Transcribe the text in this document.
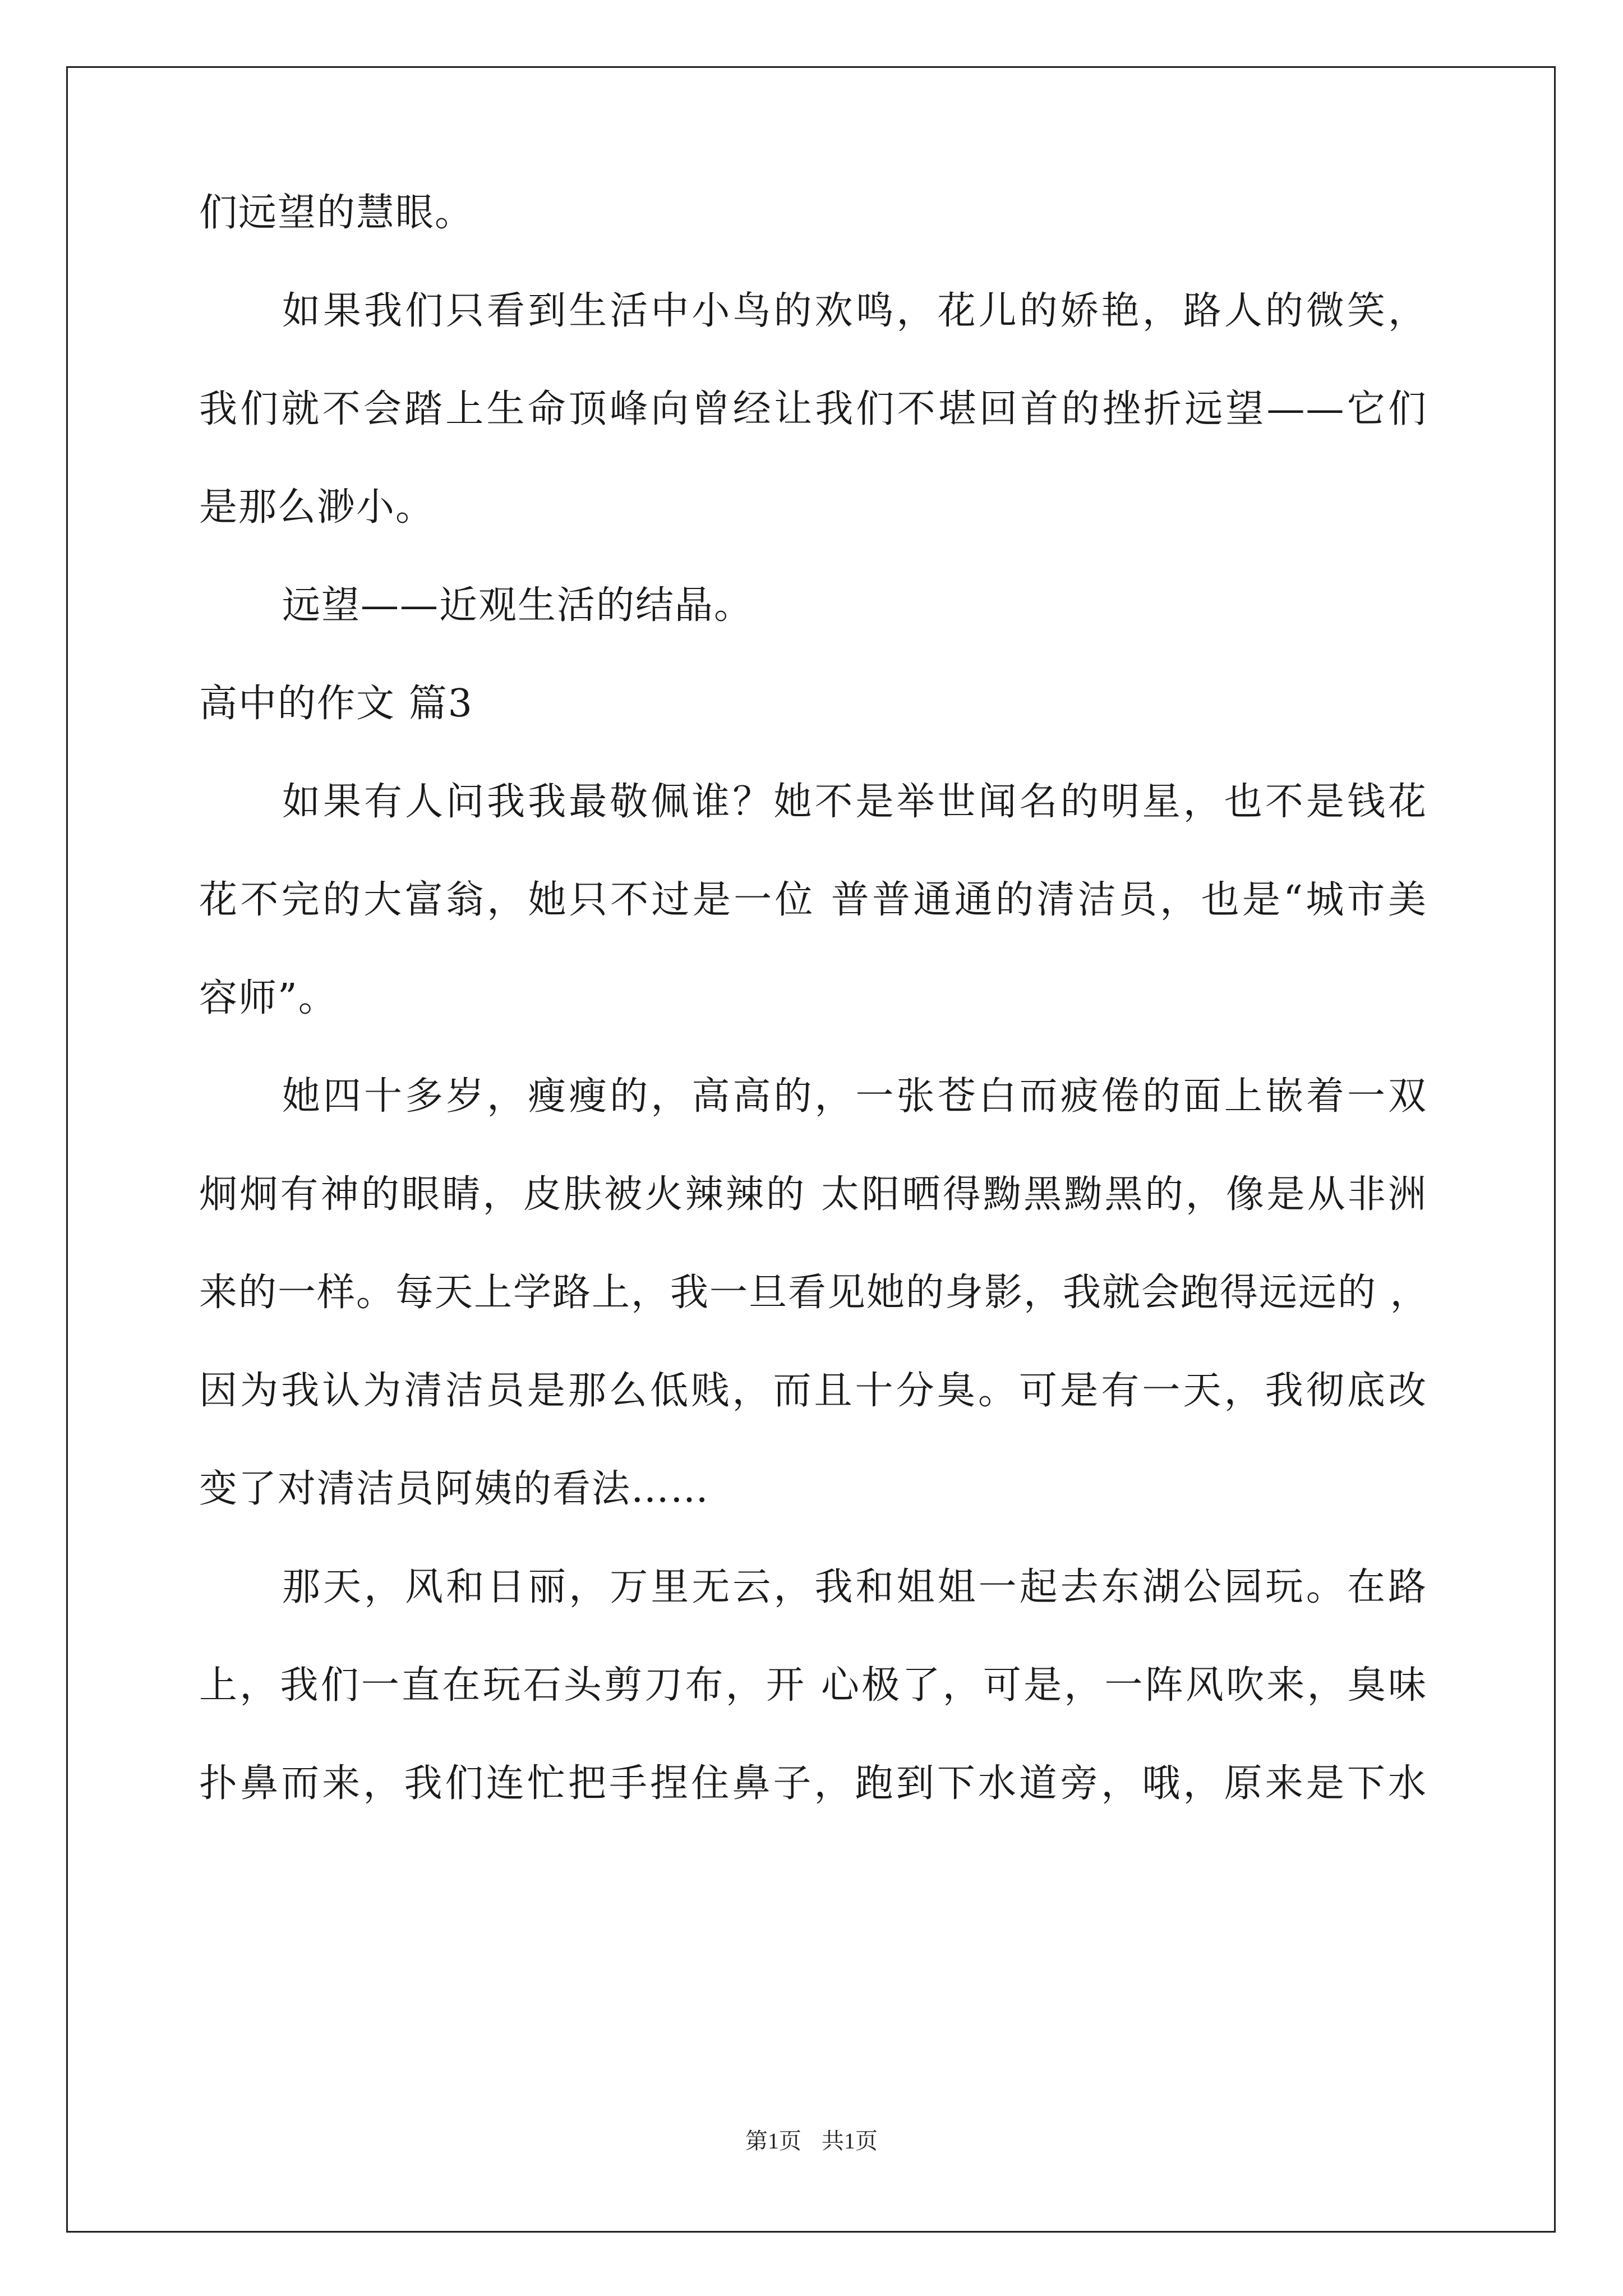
们远望的慧眼。
如果我们只看到生活中小鸟的欢鸣，花儿的娇艳，路人的微笑，
我们就不会踏上生命顶峰向曾经让我们不堪回首的挫折远望——它们
是那么渺小。
远望——近观生活的结晶。
高中的作文 篇3
如果有人问我我最敬佩谁？她不是举世闻名的明星，也不是钱花
花不完的大富翁，她只不过是一位 普普通通的清洁员，也是“城市美
容师”。
她四十多岁，瘦瘦的，高高的，一张苍白而疲倦的面上嵌着一双
炯炯有神的眼睛，皮肤被火辣辣的 太阳晒得黝黑黝黑的，像是从非洲
来的一样。每天上学路上，我一旦看见她的身影，我就会跑得远远的 ，
因为我认为清洁员是那么低贱，而且十分臭。可是有一天，我彻底改
变了对清洁员阿姨的看法……
那天，风和日丽，万里无云，我和姐姐一起去东湖公园玩。在路
上，我们一直在玩石头剪刀布，开 心极了，可是，一阵风吹来，臭味
扑鼻而来，我们连忙把手捏住鼻子，跑到下水道旁，哦，原来是下水
第1页 共1页
